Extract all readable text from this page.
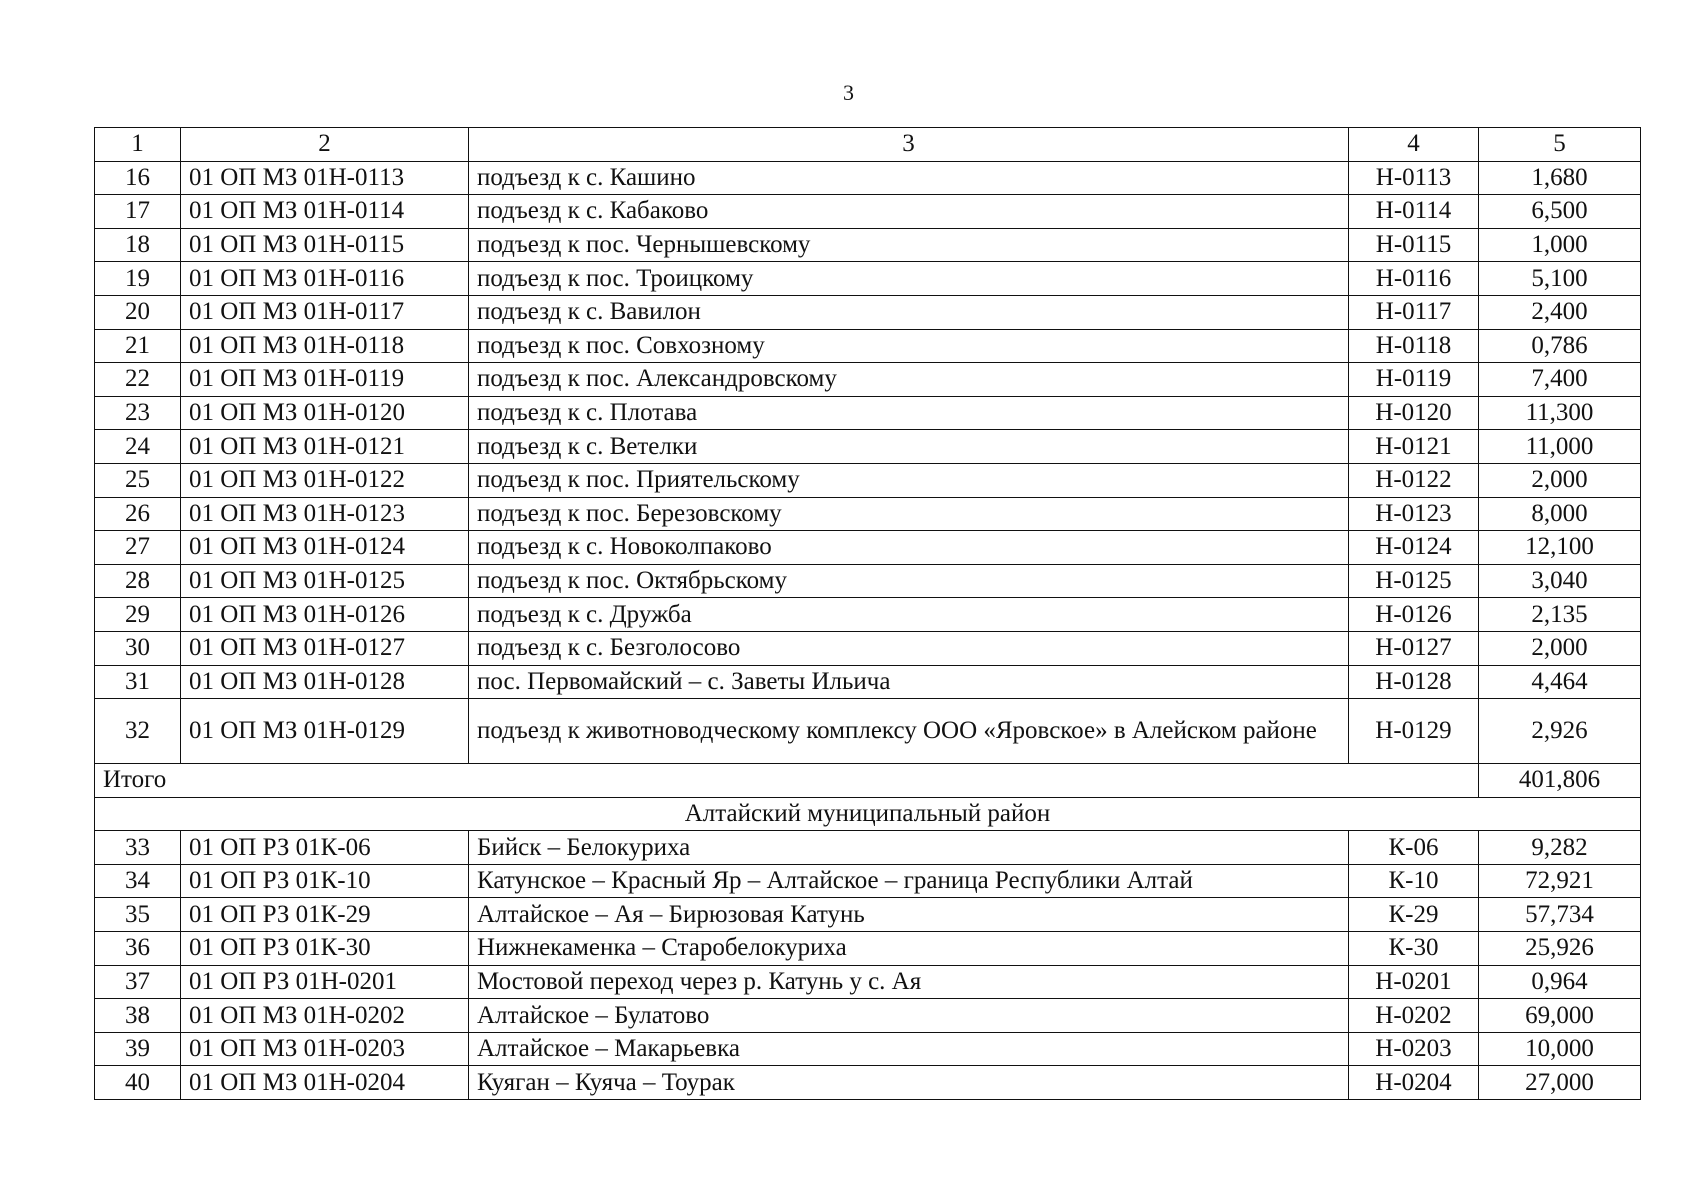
3
1	2	3	4	5
16	01 ОП МЗ 01Н-0113	подъезд к с. Кашино	Н-0113	1,680
17	01 ОП МЗ 01Н-0114	подъезд к с. Кабаково	Н-0114	6,500
18	01 ОП МЗ 01Н-0115	подъезд к пос. Чернышевскому	Н-0115	1,000
19	01 ОП МЗ 01Н-0116	подъезд к пос. Троицкому	Н-0116	5,100
20	01 ОП МЗ 01Н-0117	подъезд к с. Вавилон	Н-0117	2,400
21	01 ОП МЗ 01Н-0118	подъезд к пос. Совхозному	Н-0118	0,786
22	01 ОП МЗ 01Н-0119	подъезд к пос. Александровскому	Н-0119	7,400
23	01 ОП МЗ 01Н-0120	подъезд к с. Плотава	Н-0120	11,300
24	01 ОП МЗ 01Н-0121	подъезд к с. Ветелки	Н-0121	11,000
25	01 ОП МЗ 01Н-0122	подъезд к пос. Приятельскому	Н-0122	2,000
26	01 ОП МЗ 01Н-0123	подъезд к пос. Березовскому	Н-0123	8,000
27	01 ОП МЗ 01Н-0124	подъезд к с. Новоколпаково	Н-0124	12,100
28	01 ОП МЗ 01Н-0125	подъезд к пос. Октябрьскому	Н-0125	3,040
29	01 ОП МЗ 01Н-0126	подъезд к с. Дружба	Н-0126	2,135
30	01 ОП МЗ 01Н-0127	подъезд к с. Безголосово	Н-0127	2,000
31	01 ОП МЗ 01Н-0128	пос. Первомайский – с. Заветы Ильича	Н-0128	4,464
32	01 ОП МЗ 01Н-0129	подъезд к животноводческому комплексу ООО «Яровское» в Алейском районе	Н-0129	2,926
Итого				401,806
Алтайский муниципальный район				
33	01 ОП РЗ 01К-06	Бийск – Белокуриха	К-06	9,282
34	01 ОП РЗ 01К-10	Катунское – Красный Яр – Алтайское – граница Республики Алтай	К-10	72,921
35	01 ОП РЗ 01К-29	Алтайское – Ая – Бирюзовая Катунь	К-29	57,734
36	01 ОП РЗ 01К-30	Нижнекаменка – Старобелокуриха	К-30	25,926
37	01 ОП РЗ 01Н-0201	Мостовой переход через р. Катунь у с. Ая	Н-0201	0,964
38	01 ОП МЗ 01Н-0202	Алтайское – Булатово	Н-0202	69,000
39	01 ОП МЗ 01Н-0203	Алтайское – Макарьевка	Н-0203	10,000
40	01 ОП МЗ 01Н-0204	Куяган – Куяча – Тоурак	Н-0204	27,000
